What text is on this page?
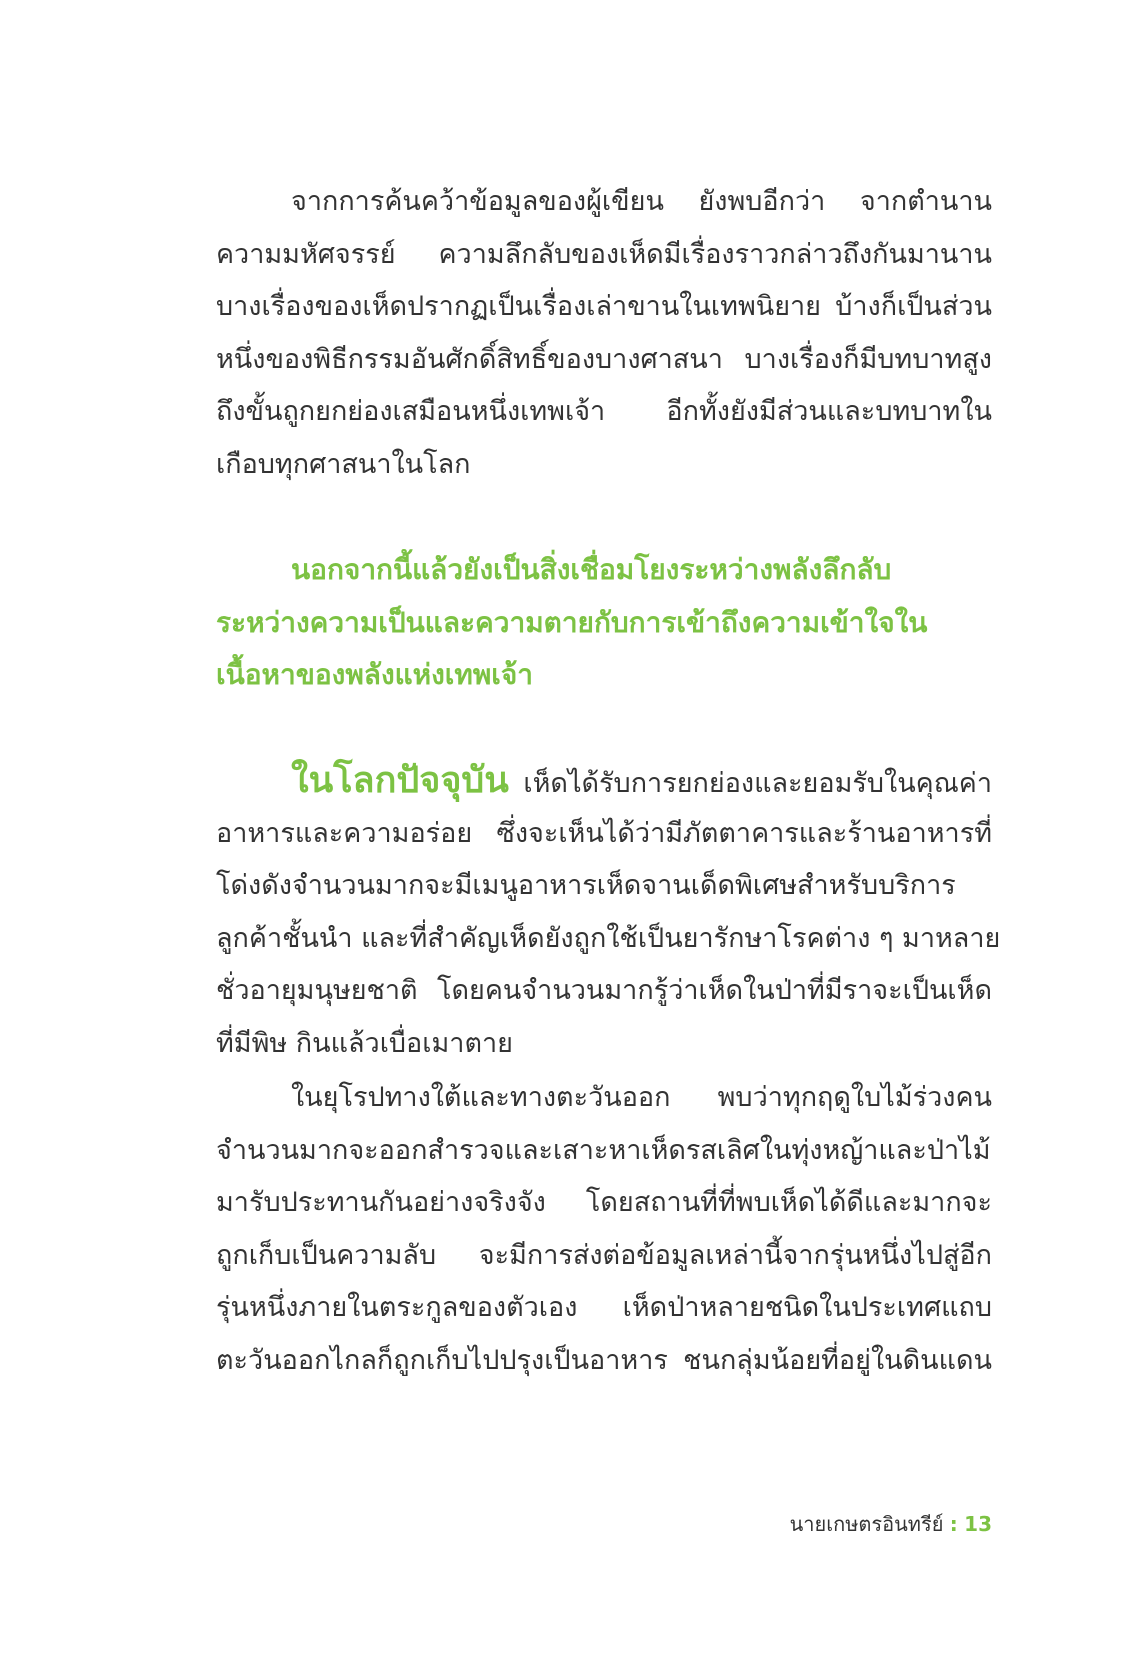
จากการค้นคว้าข้อมูลของผู้เขียน ยังพบอีกว่า จากตำนาน
ความมหัศจรรย์ ความลึกลับของเห็ดมีเรื่องราวกล่าวถึงกันมานาน
บางเรื่องของเห็ดปรากฏเป็นเรื่องเล่าขานในเทพนิยาย บ้างก็เป็นส่วน
หนึ่งของพิธีกรรมอันศักดิ์สิทธิ์ของบางศาสนา บางเรื่องก็มีบทบาทสูง
ถึงขั้นถูกยกย่องเสมือนหนึ่งเทพเจ้า อีกทั้งยังมีส่วนและบทบาทใน
เกือบทุกศาสนาในโลก
นอกจากนี้แล้วยังเป็นสิ่งเชื่อมโยงระหว่างพลังลึกลับ
ระหว่างความเป็นและความตายกับการเข้าถึงความเข้าใจใน
เนื้อหาของพลังแห่งเทพเจ้า
ในโลกปัจจุบัน เห็ดได้รับการยกย่องและยอมรับในคุณค่า
อาหารและความอร่อย ซึ่งจะเห็นได้ว่ามีภัตตาคารและร้านอาหารที่
โด่งดังจำนวนมากจะมีเมนูอาหารเห็ดจานเด็ดพิเศษสำหรับบริการ
ลูกค้าชั้นนำ และที่สำคัญเห็ดยังถูกใช้เป็นยารักษาโรคต่าง ๆ มาหลาย
ชั่วอายุมนุษยชาติ โดยคนจำนวนมากรู้ว่าเห็ดในป่าที่มีราจะเป็นเห็ด
ที่มีพิษ กินแล้วเบื่อเมาตาย
ในยุโรปทางใต้และทางตะวันออก พบว่าทุกฤดูใบไม้ร่วงคน
จำนวนมากจะออกสำรวจและเสาะหาเห็ดรสเลิศในทุ่งหญ้าและป่าไม้
มารับประทานกันอย่างจริงจัง โดยสถานที่ที่พบเห็ดได้ดีและมากจะ
ถูกเก็บเป็นความลับ จะมีการส่งต่อข้อมูลเหล่านี้จากรุ่นหนึ่งไปสู่อีก
รุ่นหนึ่งภายในตระกูลของตัวเอง เห็ดป่าหลายชนิดในประเทศแถบ
ตะวันออกไกลก็ถูกเก็บไปปรุงเป็นอาหาร ชนกลุ่มน้อยที่อยู่ในดินแดน
นายเกษตรอินทรีย์ : 13
